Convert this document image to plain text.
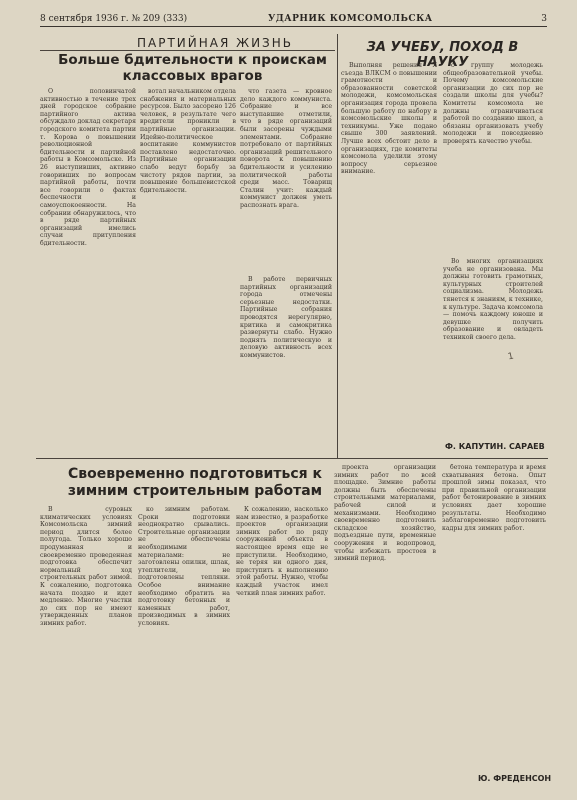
8 сентября 1936 г. № 209 (333)	УДАРНИК КОМСОМОЛЬСКА	3
ПАРТИЙНАЯ ЖИЗНЬ
Больше бдительности к проискам классовых врагов

О половинчатой активностью в течение трех дней городское собрание партийного актива обсуждало доклад секретаря городского комитета партии т. Корова о повышении революционной бдительности и партийной работы в Комсомольске. Из 26 выступивших, активно говоривших по вопросам партийной работы, почти все говорили о фактах беспечности и самоуспокоенности. На собрании обнаружилось, что в ряде партийных организаций имелись случаи притупления бдительности.

вотал начальником отдела снабжения и материальных ресурсов. Было засорено 126 человек, в результате чего вредители проникли в партийные организации. Идейно-политическое воспитание коммунистов поставлено недостаточно. Партийные организации слабо ведут борьбу за чистоту рядов партии, за повышение большевистской бдительности.

что газета — кровное дело каждого коммуниста. Собрание и все выступавшие отметили, что в ряде организаций были засорены чуждыми элементами. Собрание потребовало от партийных организаций решительного поворота к повышению бдительности и усилению политической работы среди масс. Товарищ Сталин учит: каждый коммунист должен уметь распознать врага.

В работе первичных партийных организаций города отмечены серьезные недостатки. Партийные собрания проводятся нерегулярно, критика и самокритика развернуты слабо. Нужно поднять политическую и деловую активность всех коммунистов.

ЗА УЧЕБУ, ПОХОД В НАУКУ

Выполняя решения X съезда ВЛКСМ о повышении грамотности и образованности советской молодежи, комсомольская организация города провела большую работу по набору в комсомольские школы и техникумы. Уже подано свыше 300 заявлений. Лучше всех обстоит дело в организациях, где комитеты комсомола уделили этому вопросу серьезное внимание.

с группу молодежь общеобразовательной учебы. Почему комсомольские организации до сих пор не создали школы для учебы? Комитеты комсомола не должны ограничиваться работой по созданию школ, а обязаны организовать учебу молодежи и повседневно проверять качество учебы.

Во многих организациях учеба не организована. Мы должны готовить грамотных, культурных строителей социализма. Молодежь тянется к знаниям, к технике, к культуре. Задача комсомола — помочь каждому юноше и девушке получить образование и овладеть техникой своего дела.

1
Ф. КАПУТИН. САРАЕВ
Своевременно подготовиться к зимним строительным работам

В суровых климатических условиях Комсомольска зимний период длится более полугода. Только хорошо продуманная и своевременно проведенная подготовка обеспечит нормальный ход строительных работ зимой. К сожалению, подготовка начата поздно и идет медленно. Многие участки до сих пор не имеют утвержденных планов зимних работ.

ко зимним работам. Сроки подготовки неоднократно срывались. Строительные организации не обеспечены необходимыми материалами: не заготовлены опилки, шлак, утеплители, не подготовлены тепляки. Особое внимание необходимо обратить на подготовку бетонных и каменных работ, производимых в зимних условиях.

К сожалению, насколько нам известно, в разработке проектов организации зимних работ по ряду сооружений объекта в настоящее время еще не приступили. Необходимо, не теряя ни одного дня, приступить к выполнению этой работы. Нужно, чтобы каждый участок имел четкий план зимних работ.

проекта организации зимних работ по всей площадке. Зимние работы должны быть обеспечены строительными материалами, рабочей силой и механизмами. Необходимо своевременно подготовить складское хозяйство, подъездные пути, временные сооружения и водопровод, чтобы избежать простоев в зимний период.

бетона температура и время схватывания бетона. Опыт прошлой зимы показал, что при правильной организации работ бетонирование в зимних условиях дает хорошие результаты. Необходимо заблаговременно подготовить кадры для зимних работ.

Ю. ФРЕДЕНСОН
